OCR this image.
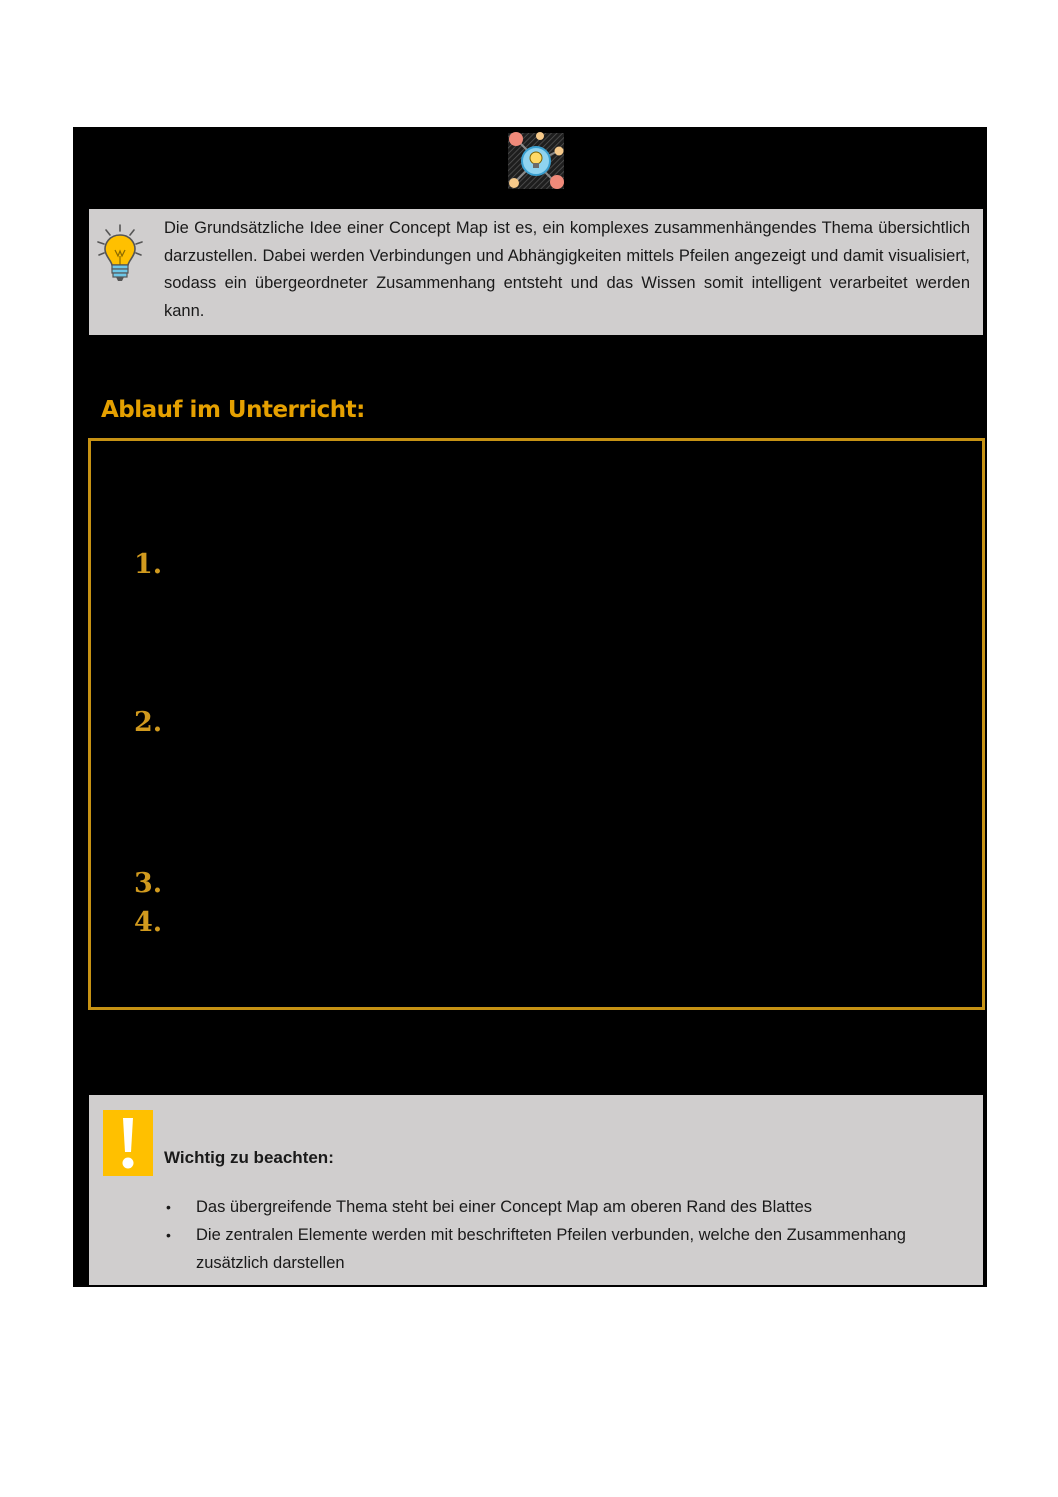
Die Grundsätzliche Idee einer Concept Map ist es, ein komplexes zusammenhängendes Thema übersichtlich darzustellen. Dabei werden Verbindungen und Abhängigkeiten mittels Pfeilen angezeigt und damit visualisiert, sodass ein übergeordneter Zusammenhang entsteht und das Wissen somit intelligent verarbeitet werden kann.

Ablauf im Unterricht:
1.
2.
3.
4.
Wichtig zu beachten:
• Das übergreifende Thema steht bei einer Concept Map am oberen Rand des Blattes
• Die zentralen Elemente werden mit beschrifteten Pfeilen verbunden, welche den Zusammenhang zusätzlich darstellen
